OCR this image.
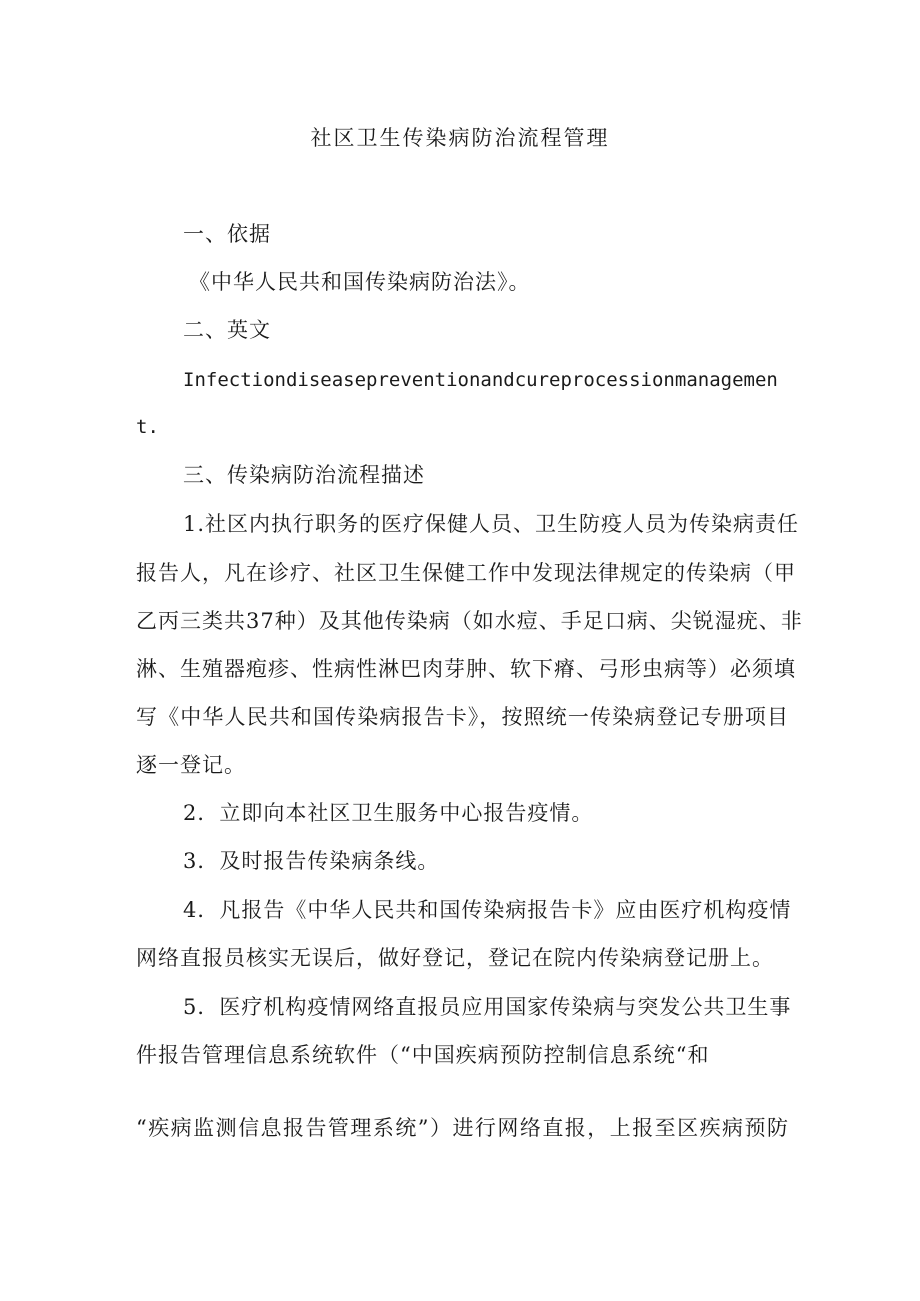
社区卫生传染病防治流程管理
一、依据
《中华人民共和国传染病防治法》。
二、英文
Infectiondiseasepreventionandcureprocessionmanagemen
t.
三、传染病防治流程描述
1.社区内执行职务的医疗保健人员、卫生防疫人员为传染病责任
报告人，凡在诊疗、社区卫生保健工作中发现法律规定的传染病（甲
乙丙三类共37种）及其他传染病（如水痘、手足口病、尖锐湿疣、非
淋、生殖器疱疹、性病性淋巴肉芽肿、软下瘠、弓形虫病等）必须填
写《中华人民共和国传染病报告卡》，按照统一传染病登记专册项目
逐一登记。
2．立即向本社区卫生服务中心报告疫情。
3．及时报告传染病条线。
4．凡报告《中华人民共和国传染病报告卡》应由医疗机构疫情
网络直报员核实无误后，做好登记，登记在院内传染病登记册上。
5．医疗机构疫情网络直报员应用国家传染病与突发公共卫生事
件报告管理信息系统软件（“中国疾病预防控制信息系统“和
“疾病监测信息报告管理系统”）进行网络直报，上报至区疾病预防
